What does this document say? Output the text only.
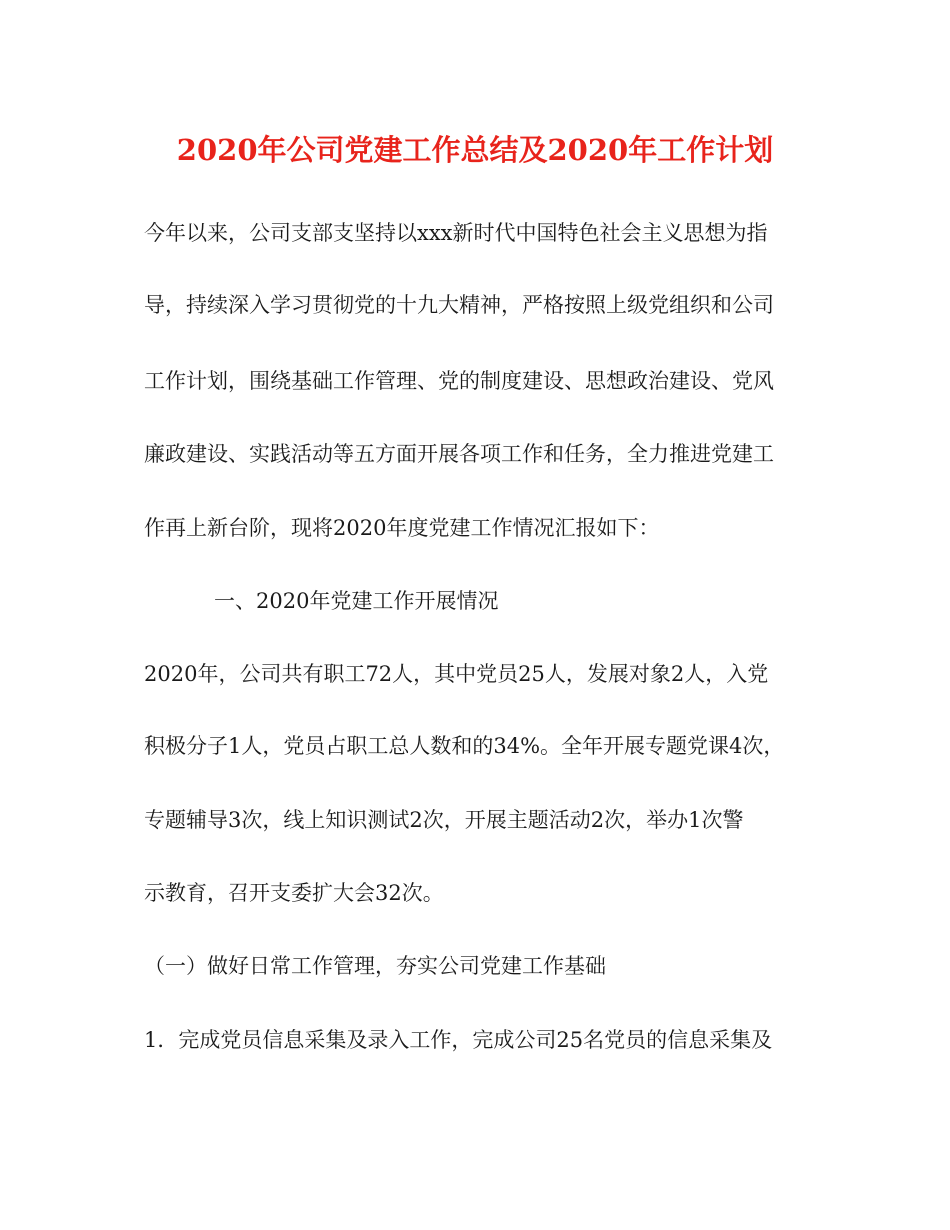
2020年公司党建工作总结及2020年工作计划

今年以来，公司支部支坚持以xxx新时代中国特色社会主义思想为指

导，持续深入学习贯彻党的十九大精神，严格按照上级党组织和公司

工作计划，围绕基础工作管理、党的制度建设、思想政治建设、党风

廉政建设、实践活动等五方面开展各项工作和任务，全力推进党建工

作再上新台阶，现将2020年度党建工作情况汇报如下：

一、2020年党建工作开展情况

2020年，公司共有职工72人，其中党员25人，发展对象2人，入党

积极分子1人，党员占职工总人数和的34%。全年开展专题党课4次，

专题辅导3次，线上知识测试2次，开展主题活动2次，举办1次警

示教育，召开支委扩大会32次。

（一）做好日常工作管理，夯实公司党建工作基础

1．完成党员信息采集及录入工作，完成公司25名党员的信息采集及
